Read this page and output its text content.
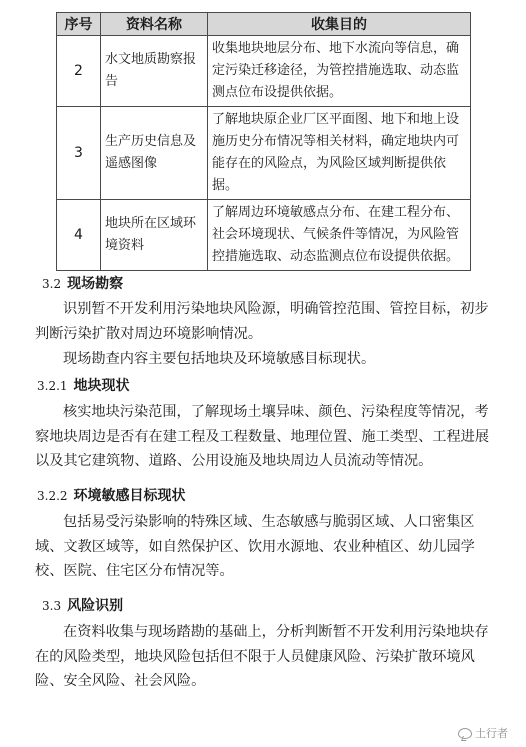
序号	资料名称	收集目的
2	水文地质勘察报告	收集地块地层分布、地下水流向等信息，确定污染迁移途径，为管控措施选取、动态监测点位布设提供依据。
3	生产历史信息及遥感图像	了解地块原企业厂区平面图、地下和地上设施历史分布情况等相关材料，确定地块内可能存在的风险点，为风险区域判断提供依据。
4	地块所在区域环境资料	了解周边环境敏感点分布、在建工程分布、社会环境现状、气候条件等情况，为风险管控措施选取、动态监测点位布设提供依据。
3.2 现场勘察
识别暂不开发利用污染地块风险源，明确管控范围、管控目标，初步判断污染扩散对周边环境影响情况。
现场勘查内容主要包括地块及环境敏感目标现状。
3.2.1 地块现状
核实地块污染范围，了解现场土壤异味、颜色、污染程度等情况，考察地块周边是否有在建工程及工程数量、地理位置、施工类型、工程进展以及其它建筑物、道路、公用设施及地块周边人员流动等情况。
3.2.2 环境敏感目标现状
包括易受污染影响的特殊区域、生态敏感与脆弱区域、人口密集区域、文教区域等，如自然保护区、饮用水源地、农业种植区、幼儿园学校、医院、住宅区分布情况等。
3.3 风险识别
在资料收集与现场踏勘的基础上，分析判断暂不开发利用污染地块存在的风险类型，地块风险包括但不限于人员健康风险、污染扩散环境风险、安全风险、社会风险。
土行者
